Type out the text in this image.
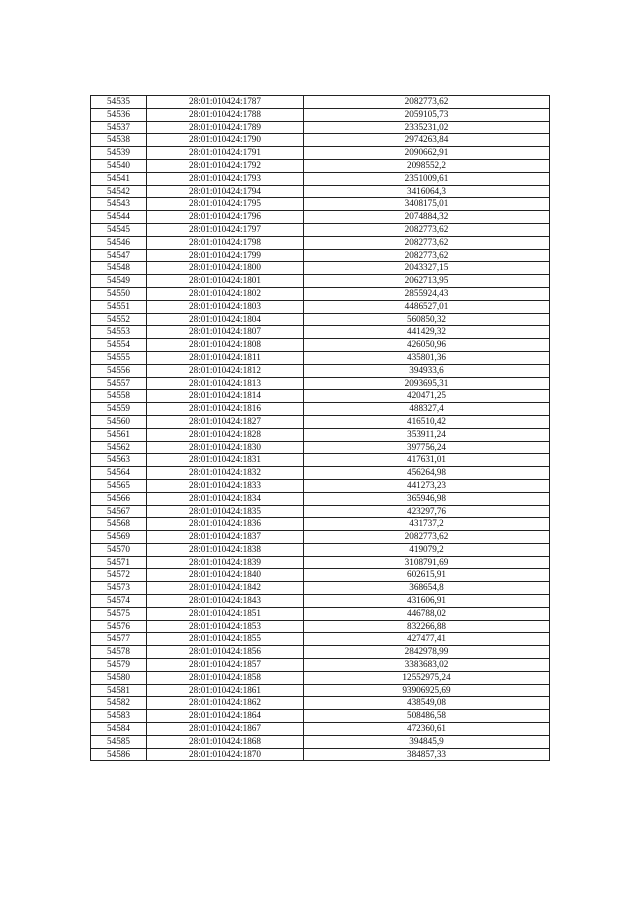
54535	28:01:010424:1787	2082773,62
54536	28:01:010424:1788	2059105,73
54537	28:01:010424:1789	2335231,02
54538	28:01:010424:1790	2974263,84
54539	28:01:010424:1791	2090662,91
54540	28:01:010424:1792	2098552,2
54541	28:01:010424:1793	2351009,61
54542	28:01:010424:1794	3416064,3
54543	28:01:010424:1795	3408175,01
54544	28:01:010424:1796	2074884,32
54545	28:01:010424:1797	2082773,62
54546	28:01:010424:1798	2082773,62
54547	28:01:010424:1799	2082773,62
54548	28:01:010424:1800	2043327,15
54549	28:01:010424:1801	2062713,95
54550	28:01:010424:1802	2855924,43
54551	28:01:010424:1803	4486527,01
54552	28:01:010424:1804	560850,32
54553	28:01:010424:1807	441429,32
54554	28:01:010424:1808	426050,96
54555	28:01:010424:1811	435801,36
54556	28:01:010424:1812	394933,6
54557	28:01:010424:1813	2093695,31
54558	28:01:010424:1814	420471,25
54559	28:01:010424:1816	488327,4
54560	28:01:010424:1827	416510,42
54561	28:01:010424:1828	353911,24
54562	28:01:010424:1830	397756,24
54563	28:01:010424:1831	417631,01
54564	28:01:010424:1832	456264,98
54565	28:01:010424:1833	441273,23
54566	28:01:010424:1834	365946,98
54567	28:01:010424:1835	423297,76
54568	28:01:010424:1836	431737,2
54569	28:01:010424:1837	2082773,62
54570	28:01:010424:1838	419079,2
54571	28:01:010424:1839	3108791,69
54572	28:01:010424:1840	602615,91
54573	28:01:010424:1842	368654,8
54574	28:01:010424:1843	431606,91
54575	28:01:010424:1851	446788,02
54576	28:01:010424:1853	832266,88
54577	28:01:010424:1855	427477,41
54578	28:01:010424:1856	2842978,99
54579	28:01:010424:1857	3383683,02
54580	28:01:010424:1858	12552975,24
54581	28:01:010424:1861	93906925,69
54582	28:01:010424:1862	438549,08
54583	28:01:010424:1864	508486,58
54584	28:01:010424:1867	472360,61
54585	28:01:010424:1868	394845,9
54586	28:01:010424:1870	384857,33
